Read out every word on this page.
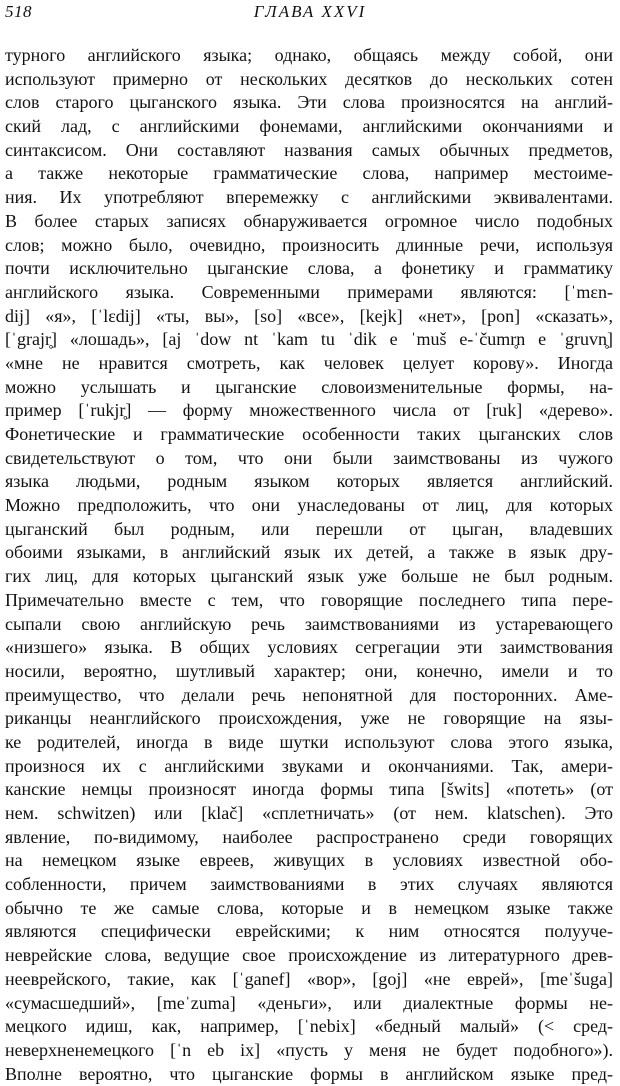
518	ГЛАВА XXVI
турного английского языка; однако, общаясь между собой, они
используют примерно от нескольких десятков до нескольких сотен
слов старого цыганского языка. Эти слова произносятся на англий-
ский лад, с английскими фонемами, английскими окончаниями и
синтаксисом. Они составляют названия самых обычных предметов,
а также некоторые грамматические слова, например местоиме-
ния. Их употребляют вперемежку с английскими эквивалентами.
В более старых записях обнаруживается огромное число подобных
слов; можно было, очевидно, произносить длинные речи, используя
почти исключительно цыганские слова, а фонетику и грамматику
английского языка. Современными примерами являются: [ˈmɛn-
dij] «я», [ˈlɛdij] «ты, вы», [so] «все», [kejk] «нет», [pon] «сказать»,
[ˈgrajr̥] «лошадь», [aj ˈdow nt ˈkam tu ˈdik e ˈmuš e-ˈčumr̥n e ˈgruvn̥]
«мне не нравится смотреть, как человек целует корову». Иногда
можно услышать и цыганские словоизменительные формы, на-
пример [ˈrukjr̥] — форму множественного числа от [ruk] «дерево».
Фонетические и грамматические особенности таких цыганских слов
свидетельствуют о том, что они были заимствованы из чужого
языка людьми, родным языком которых является английский.
Можно предположить, что они унаследованы от лиц, для которых
цыганский был родным, или перешли от цыган, владевших
обоими языками, в английский язык их детей, а также в язык дру-
гих лиц, для которых цыганский язык уже больше не был родным.
Примечательно вместе с тем, что говорящие последнего типа пере-
сыпали свою английскую речь заимствованиями из устаревающего
«низшего» языка. В общих условиях сегрегации эти заимствования
носили, вероятно, шутливый характер; они, конечно, имели и то
преимущество, что делали речь непонятной для посторонних. Аме-
риканцы неанглийского происхождения, уже не говорящие на язы-
ке родителей, иногда в виде шутки используют слова этого языка,
произнося их с английскими звуками и окончаниями. Так, амери-
канские немцы произносят иногда формы типа [šwits] «потеть» (от
нем. schwitzen) или [klač] «сплетничать» (от нем. klatschen). Это
явление, по-видимому, наиболее распространено среди говорящих
на немецком языке евреев, живущих в условиях известной обо-
собленности, причем заимствованиями в этих случаях являются
обычно те же самые слова, которые и в немецком языке также
являются специфически еврейскими; к ним относятся полууче-
неврейские слова, ведущие свое происхождение из литературного древ-
нееврейского, такие, как [ˈganef] «вор», [goj] «не еврей», [meˈšuga]
«сумасшедший», [meˈzuma] «деньги», или диалектные формы не-
мецкого идиш, как, например, [ˈnebix] «бедный малый» (< сред-
неверхненемецкого [ˈn eb ix] «пусть у меня не будет подобного»).
Вполне вероятно, что цыганские формы в английском языке пред-
